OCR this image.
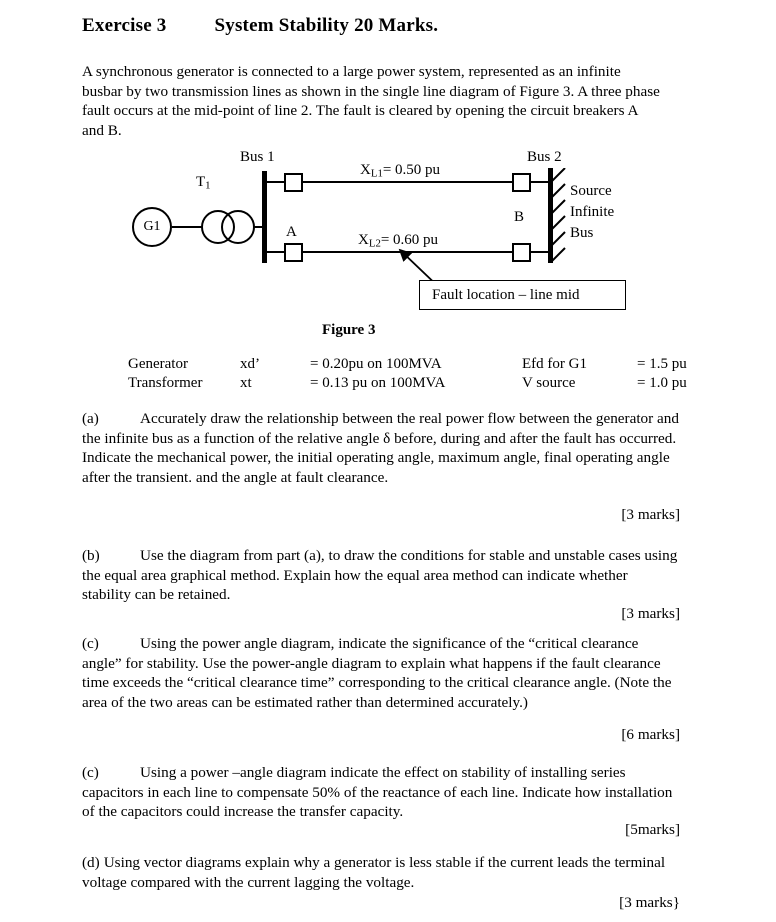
Exercise 3	System Stability 20 Marks.
A synchronous generator is connected to a large power system, represented as an infinite busbar by two transmission lines as shown in the single line diagram of Figure 3. A three phase fault occurs at the mid-point of line 2. The fault is cleared by opening the circuit breakers A and B.
Bus 1
$T_1$
Bus 2
G1
$X_{L1}= 0.50$ pu
A
B
$X_{L2}= 0.60$ pu
Source
Infinite
Bus
Fault location – line mid
Figure 3
Generator	xd’	= 0.20pu on 100MVA	Efd for G1	= 1.5 pu
Transformer	xt	= 0.13 pu on 100MVA	V source	= 1.0 pu
(a)	Accurately draw the relationship between the real power flow between the generator and the infinite bus as a function of the relative angle δ before, during and after the fault has occurred. Indicate the mechanical power, the initial operating angle, maximum angle, final operating angle after the transient. and the angle at fault clearance.
[3 marks]
(b)	Use the diagram from part (a), to draw the conditions for stable and unstable cases using the equal area graphical method. Explain how the equal area method can indicate whether stability can be retained.
[3 marks]
(c)	Using the power angle diagram, indicate the significance of the “critical clearance angle” for stability. Use the power-angle diagram to explain what happens if the fault clearance time exceeds the “critical clearance time” corresponding to the critical clearance angle. (Note the area of the two areas can be estimated rather than determined accurately.)
[6 marks]
(c)	Using a power –angle diagram indicate the effect on stability of installing series capacitors in each line to compensate 50% of the reactance of each line. Indicate how installation of the capacitors could increase the transfer capacity.
[5marks]
(d) Using vector diagrams explain why a generator is less stable if the current leads the terminal voltage compared with the current lagging the voltage.
[3 marks}
